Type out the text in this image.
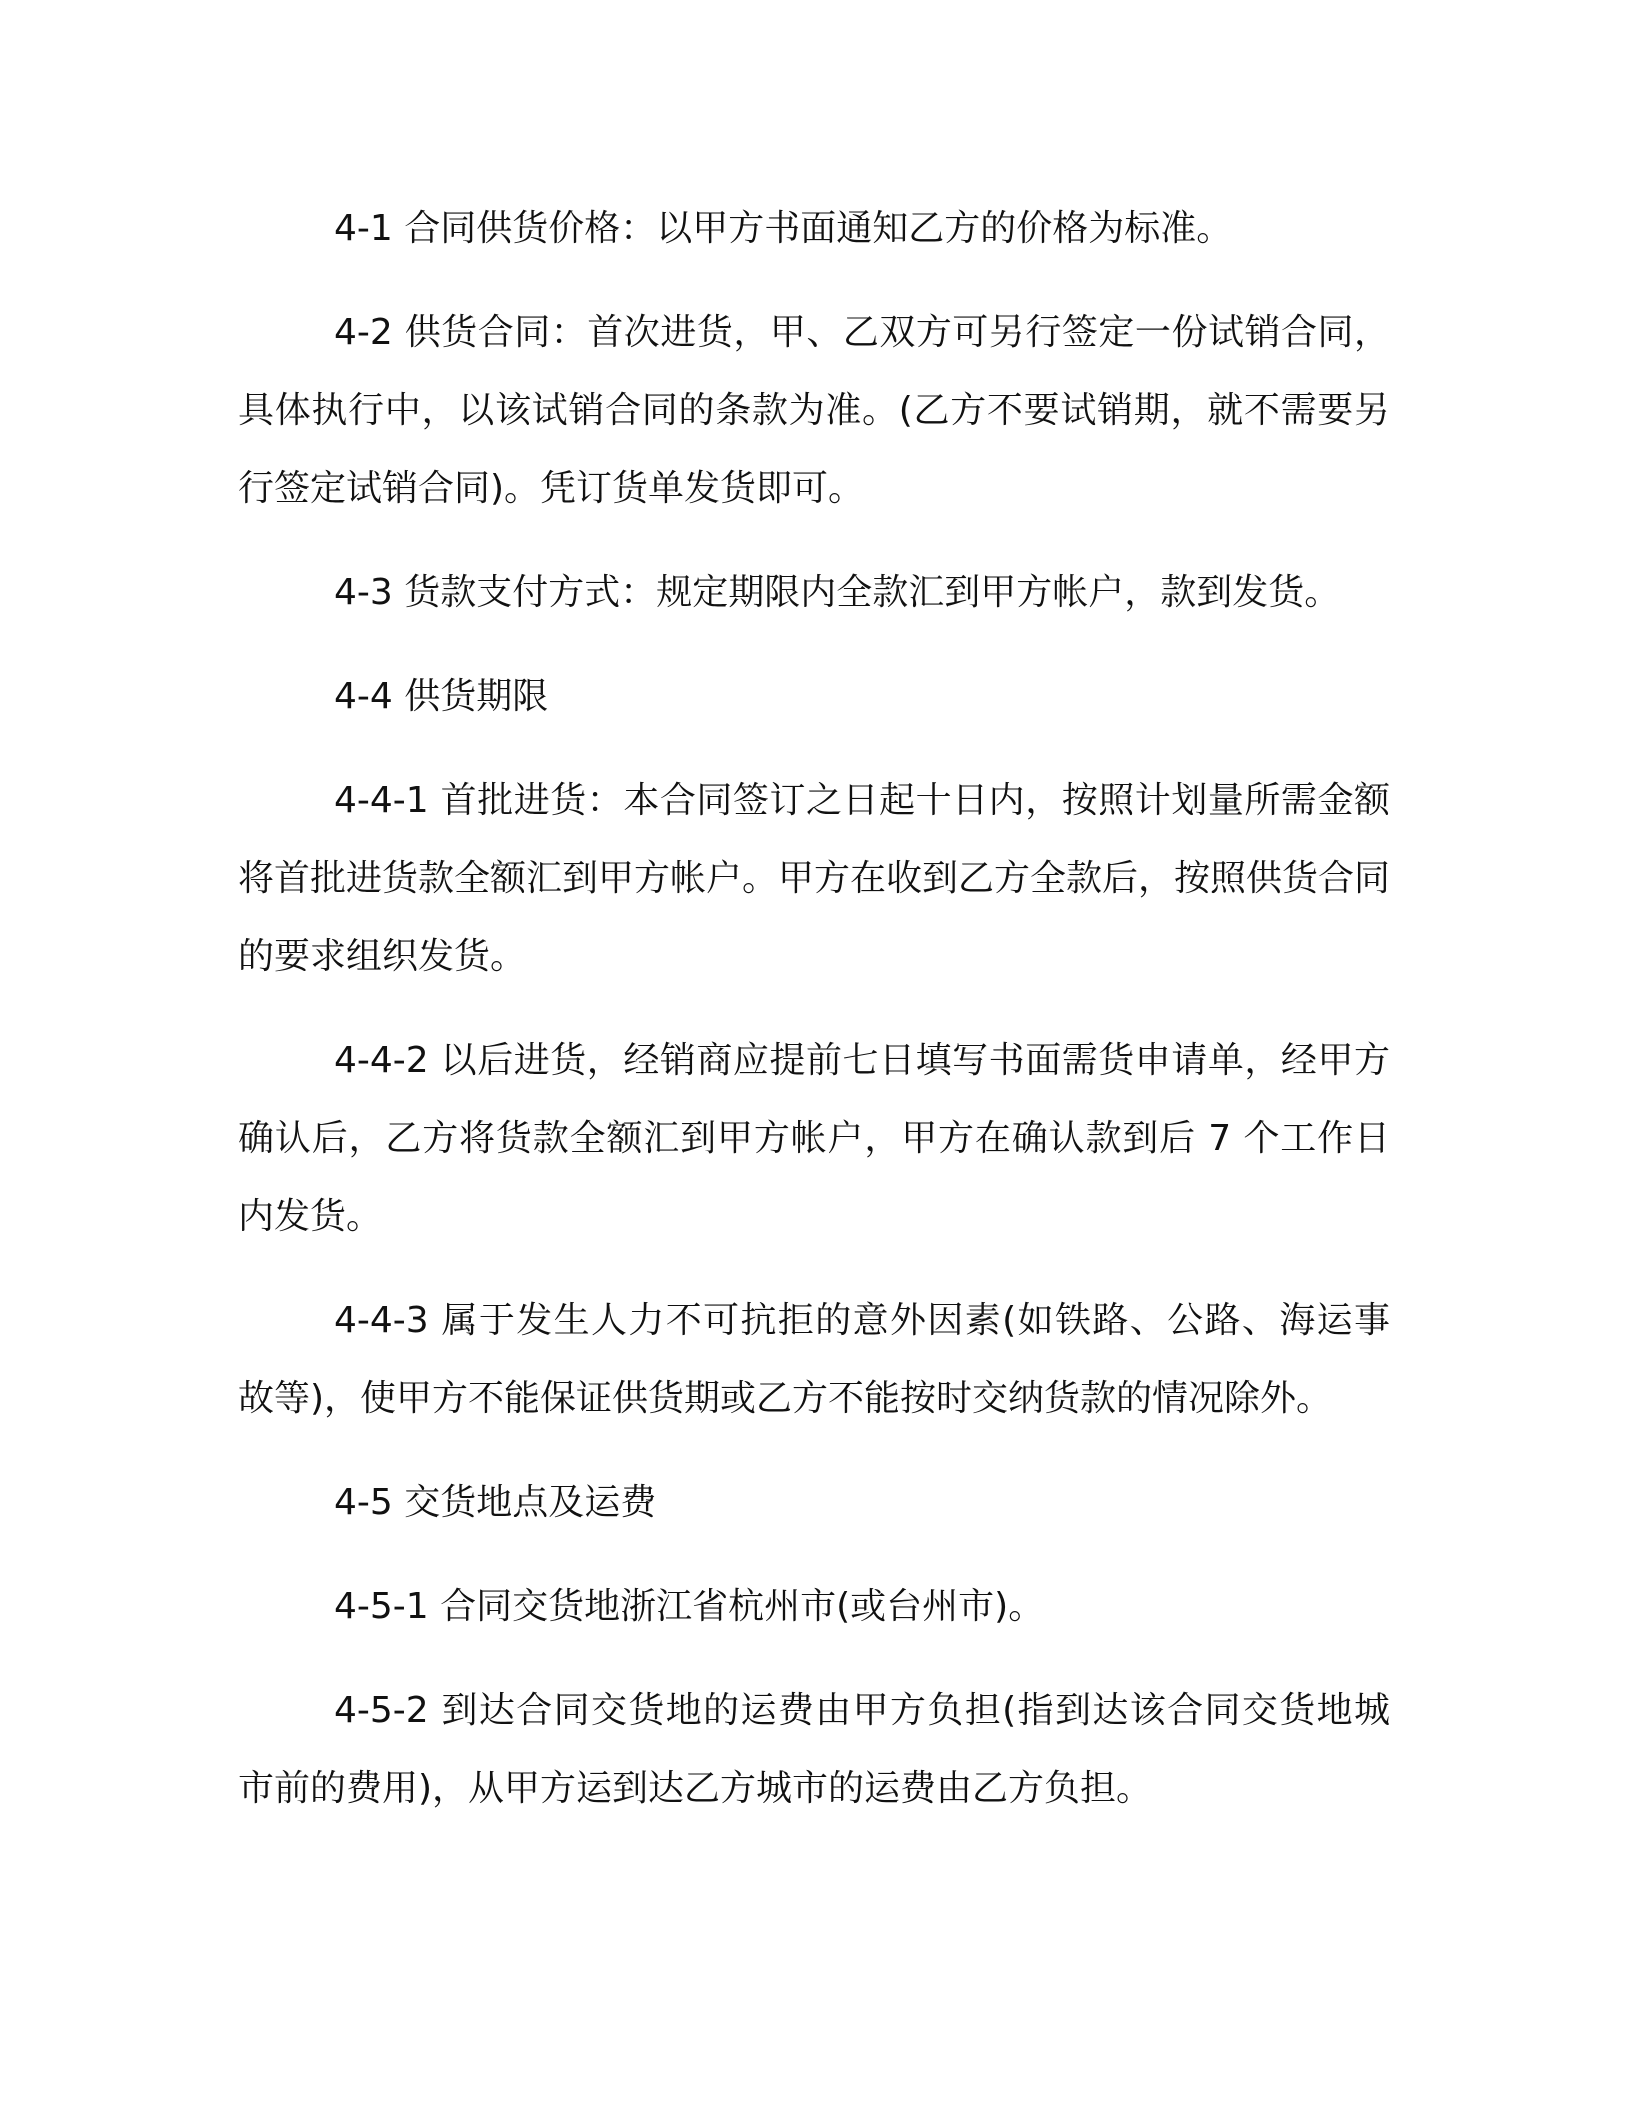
4-1 合同供货价格：以甲方书面通知乙方的价格为标准。

4-2 供货合同：首次进货，甲、乙双方可另行签定一份试销合同，具体执行中，以该试销合同的条款为准。(乙方不要试销期，就不需要另行签定试销合同)。凭订货单发货即可。

4-3 货款支付方式：规定期限内全款汇到甲方帐户，款到发货。

4-4 供货期限

4-4-1 首批进货：本合同签订之日起十日内，按照计划量所需金额将首批进货款全额汇到甲方帐户。甲方在收到乙方全款后，按照供货合同的要求组织发货。

4-4-2 以后进货，经销商应提前七日填写书面需货申请单，经甲方确认后，乙方将货款全额汇到甲方帐户，甲方在确认款到后 7 个工作日内发货。

4-4-3 属于发生人力不可抗拒的意外因素(如铁路、公路、海运事故等)，使甲方不能保证供货期或乙方不能按时交纳货款的情况除外。

4-5 交货地点及运费

4-5-1 合同交货地浙江省杭州市(或台州市)。

4-5-2 到达合同交货地的运费由甲方负担(指到达该合同交货地城市前的费用)，从甲方运到达乙方城市的运费由乙方负担。
